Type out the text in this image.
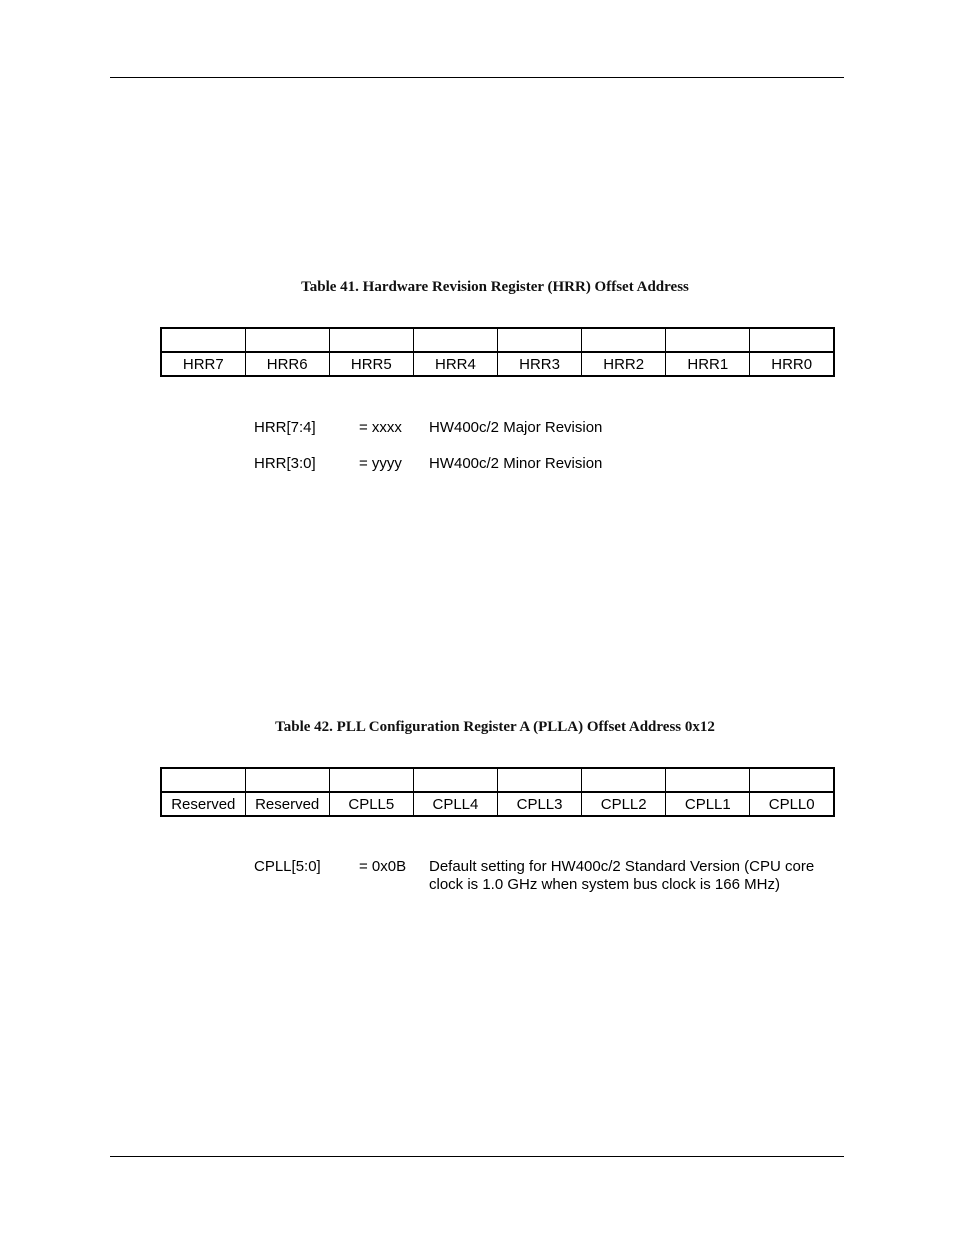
Table 41. Hardware Revision Register (HRR) Offset Address

HRR7	HRR6	HRR5	HRR4	HRR3	HRR2	HRR1	HRR0
HRR[7:4]	= xxxx HW400c/2 Major Revision
HRR[3:0]	= yyyy HW400c/2 Minor Revision
Table 42. PLL Configuration Register A (PLLA) Offset Address 0x12

Reserved	Reserved	CPLL5	CPLL4	CPLL3	CPLL2	CPLL1	CPLL0
CPLL[5:0]	= 0x0B Default setting for HW400c/2 Standard Version (CPU core clock is 1.0 GHz when system bus clock is 166 MHz)
